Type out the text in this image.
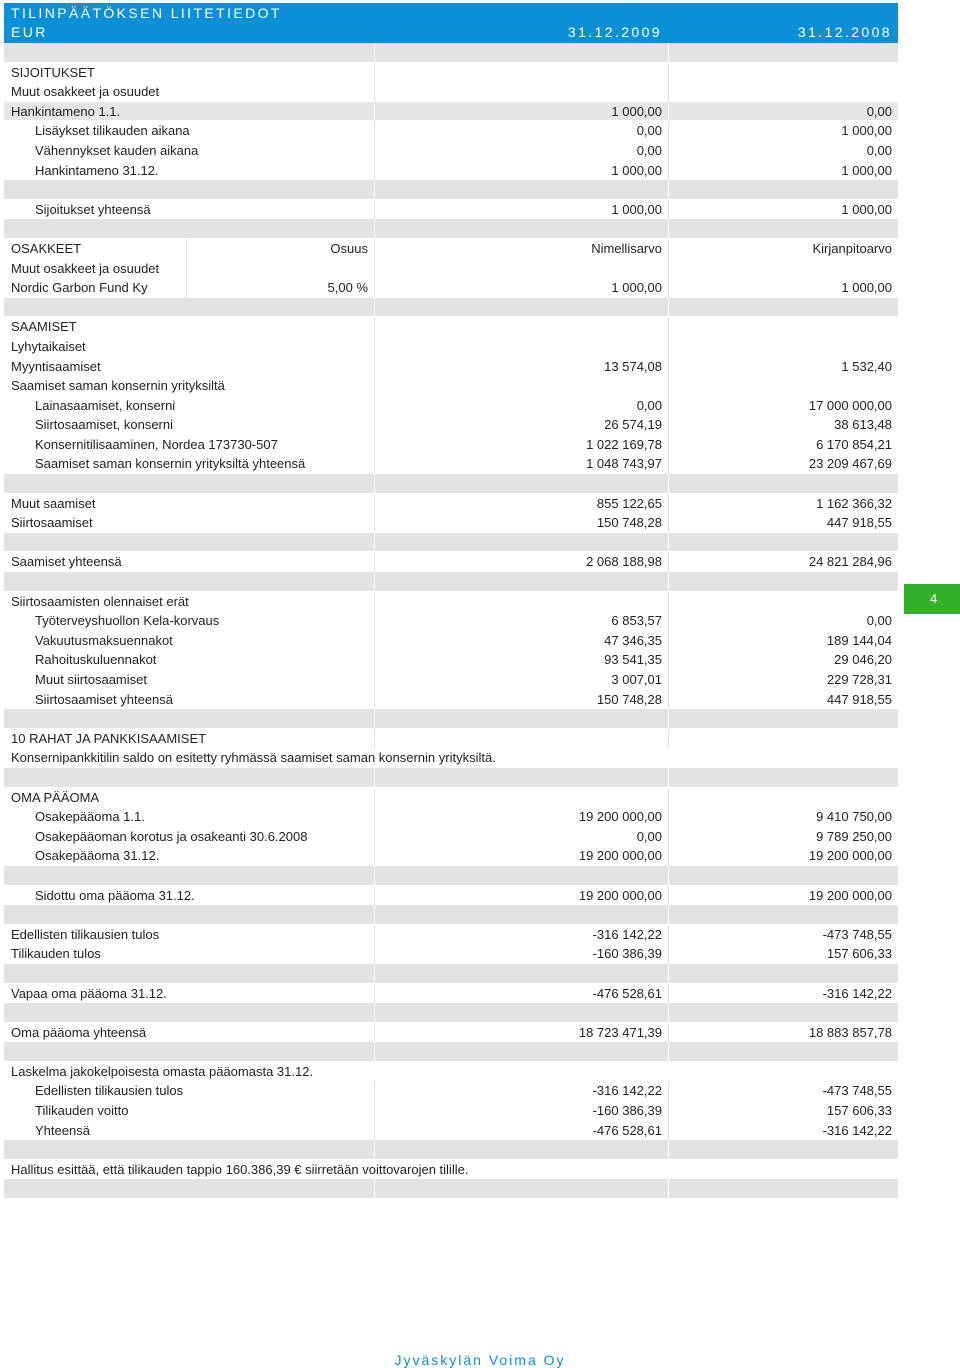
TILINPÄÄTÖKSEN LIITETIEDOT
EUR	31.12.2009	31.12.2008
SIJOITUKSET
Muut osakkeet ja osuudet
Hankintameno 1.1.	1 000,00	0,00
Lisäykset tilikauden aikana	0,00	1 000,00
Vähennykset kauden aikana	0,00	0,00
Hankintameno 31.12.	1 000,00	1 000,00
Sijoitukset yhteensä	1 000,00	1 000,00
OSAKKEET	Osuus	Nimellisarvo	Kirjanpitoarvo
Muut osakkeet ja osuudet
Nordic Garbon Fund Ky	5,00 %	1 000,00	1 000,00
SAAMISET
Lyhytaikaiset
Myyntisaamiset	13 574,08	1 532,40
Saamiset saman konsernin yrityksiltä
Lainasaamiset, konserni	0,00	17 000 000,00
Siirtosaamiset, konserni	26 574,19	38 613,48
Konsernitilisaaminen, Nordea 173730-507	1 022 169,78	6 170 854,21
Saamiset saman konsernin yrityksiltä yhteensä	1 048 743,97	23 209 467,69
Muut saamiset	855 122,65	1 162 366,32
Siirtosaamiset	150 748,28	447 918,55
Saamiset yhteensä	2 068 188,98	24 821 284,96
Siirtosaamisten olennaiset erät
Työterveyshuollon Kela-korvaus	6 853,57	0,00
Vakuutusmaksuennakot	47 346,35	189 144,04
Rahoituskuluennakot	93 541,35	29 046,20
Muut siirtosaamiset	3 007,01	229 728,31
Siirtosaamiset yhteensä	150 748,28	447 918,55
10 RAHAT JA PANKKISAAMISET
Konsernipankkitilin saldo on esitetty ryhmässä saamiset saman konsernin yrityksiltä.
OMA PÄÄOMA
Osakepääoma 1.1.	19 200 000,00	9 410 750,00
Osakepääoman korotus ja osakeanti 30.6.2008	0,00	9 789 250,00
Osakepääoma 31.12.	19 200 000,00	19 200 000,00
Sidottu oma pääoma 31.12.	19 200 000,00	19 200 000,00
Edellisten tilikausien tulos	-316 142,22	-473 748,55
Tilikauden tulos	-160 386,39	157 606,33
Vapaa oma pääoma 31.12.	-476 528,61	-316 142,22
Oma pääoma yhteensä	18 723 471,39	18 883 857,78
Laskelma jakokelpoisesta omasta pääomasta 31.12.
Edellisten tilikausien tulos	-316 142,22	-473 748,55
Tilikauden voitto	-160 386,39	157 606,33
Yhteensä	-476 528,61	-316 142,22
Hallitus esittää, että tilikauden tappio 160.386,39 € siirretään voittovarojen tilille.
4
Jyväskylän Voima Oy
